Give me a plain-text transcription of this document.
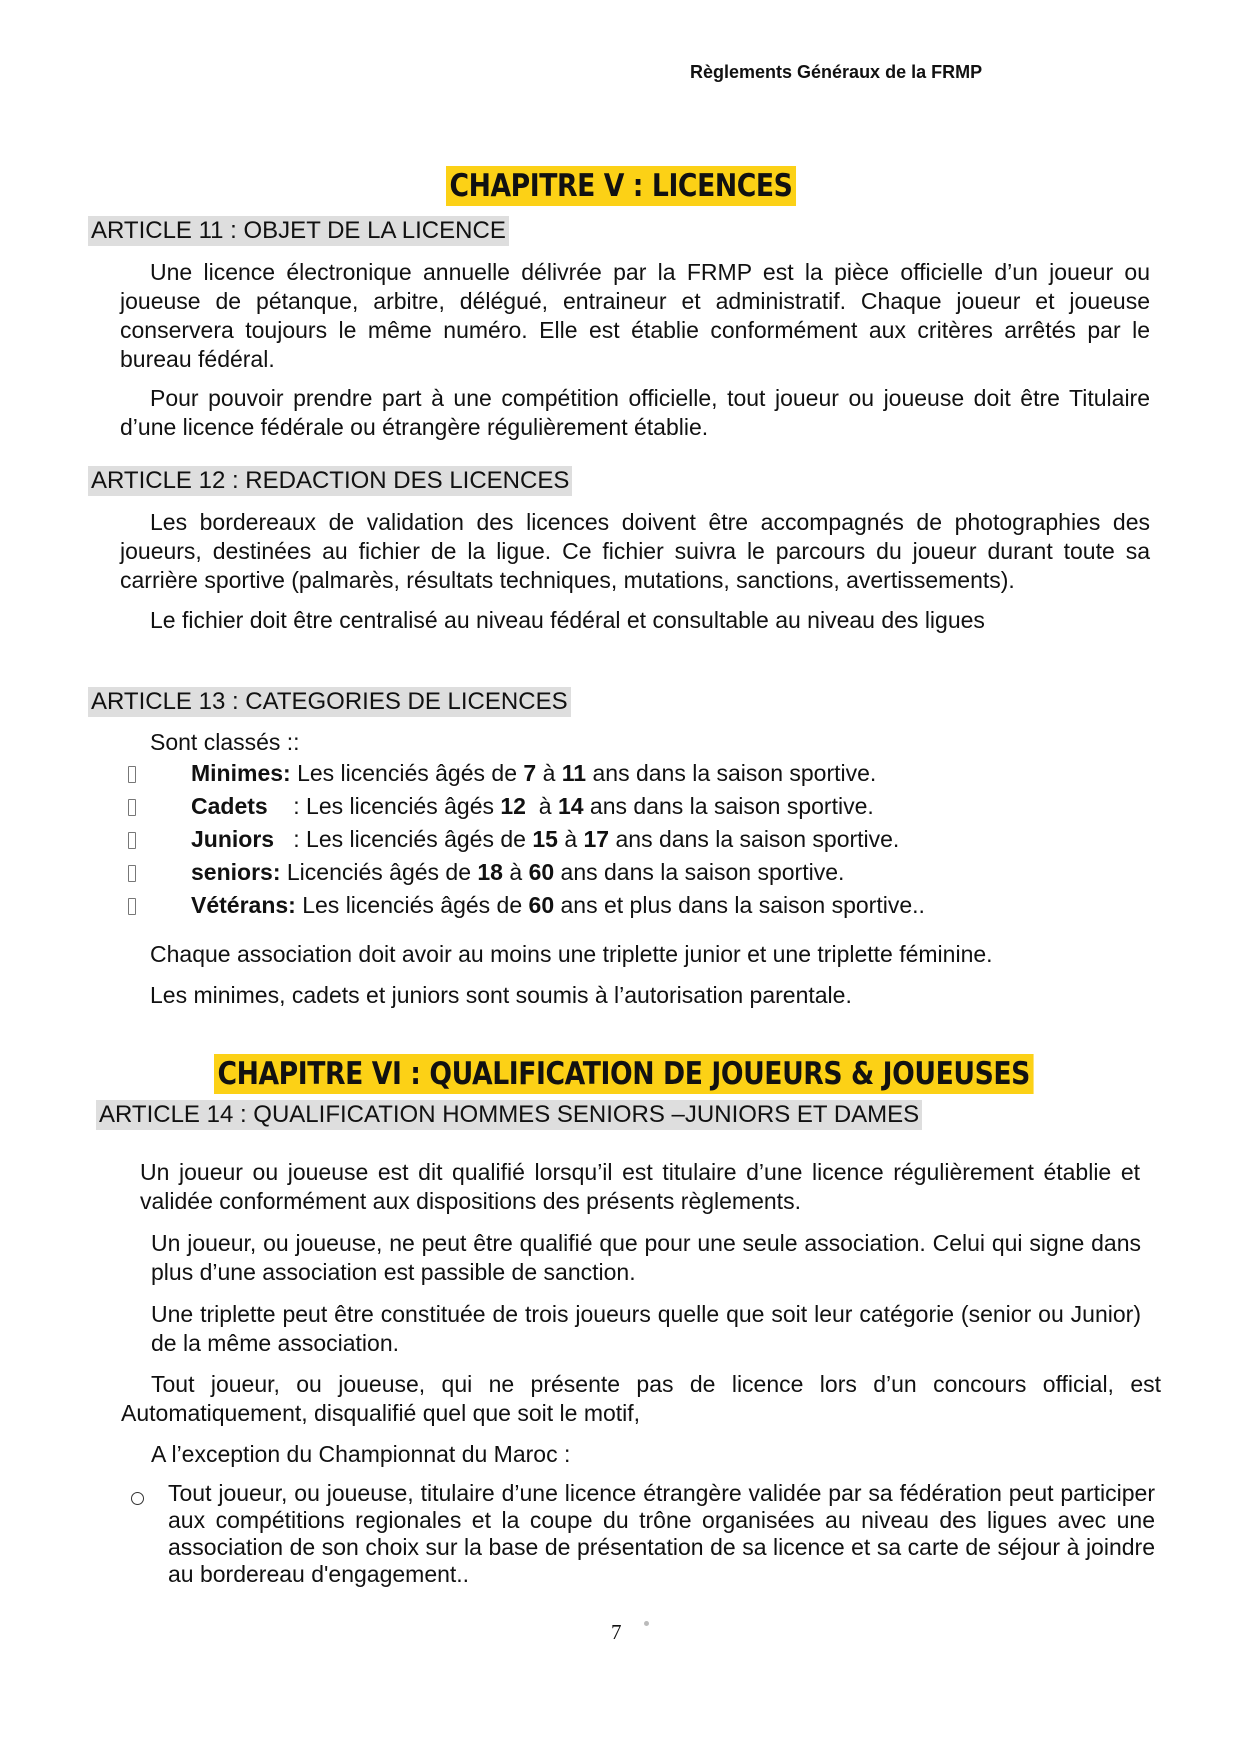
Règlements Généraux de la FRMP
CHAPITRE V : LICENCES
ARTICLE 11 : OBJET DE LA LICENCE
Une licence électronique annuelle délivrée par la FRMP est la pièce officielle d’un joueur ou joueuse de pétanque, arbitre, délégué, entraineur et administratif. Chaque joueur et joueuse conservera toujours le même numéro. Elle est établie conformément aux critères arrêtés par le bureau fédéral.
Pour pouvoir prendre part à une compétition officielle, tout joueur ou joueuse doit être Titulaire d’une licence fédérale ou étrangère régulièrement établie.
ARTICLE 12 : REDACTION DES LICENCES
Les bordereaux de validation des licences doivent être accompagnés de photographies des joueurs, destinées au fichier de la ligue. Ce fichier suivra le parcours du joueur durant toute sa carrière sportive (palmarès, résultats techniques, mutations, sanctions, avertissements).
Le fichier doit être centralisé au niveau fédéral et consultable au niveau des ligues
ARTICLE 13 : CATEGORIES DE LICENCES
Sont classés ::
Minimes: Les licenciés âgés de 7 à 11 ans dans la saison sportive.
Cadets    : Les licenciés âgés 12  à 14 ans dans la saison sportive.
Juniors   : Les licenciés âgés de 15 à 17 ans dans la saison sportive.
seniors: Licenciés âgés de 18 à 60 ans dans la saison sportive.
Vétérans: Les licenciés âgés de 60 ans et plus dans la saison sportive..
Chaque association doit avoir au moins une triplette junior et une triplette féminine.
Les minimes, cadets et juniors sont soumis à l’autorisation parentale.
CHAPITRE VI : QUALIFICATION DE JOUEURS & JOUEUSES
ARTICLE 14 : QUALIFICATION HOMMES SENIORS –JUNIORS ET DAMES
Un joueur ou joueuse est dit qualifié lorsqu’il est titulaire d’une licence régulièrement établie et validée conformément aux dispositions des présents règlements.
Un joueur, ou joueuse, ne peut être qualifié que pour une seule association. Celui qui signe dans plus d’une association est passible de sanction.
Une triplette peut être constituée de trois joueurs quelle que soit leur catégorie (senior ou Junior) de la même association.
Tout joueur, ou joueuse, qui ne présente pas de licence lors d’un concours official, est Automatiquement, disqualifié quel que soit le motif,
A l’exception du Championnat du Maroc :
Tout joueur, ou joueuse, titulaire d’une licence étrangère validée par sa fédération peut participer aux compétitions regionales et la coupe du trône organisées au niveau des ligues avec une association de son choix sur la base de présentation de sa licence et sa carte de séjour à joindre au bordereau d'engagement..
7
